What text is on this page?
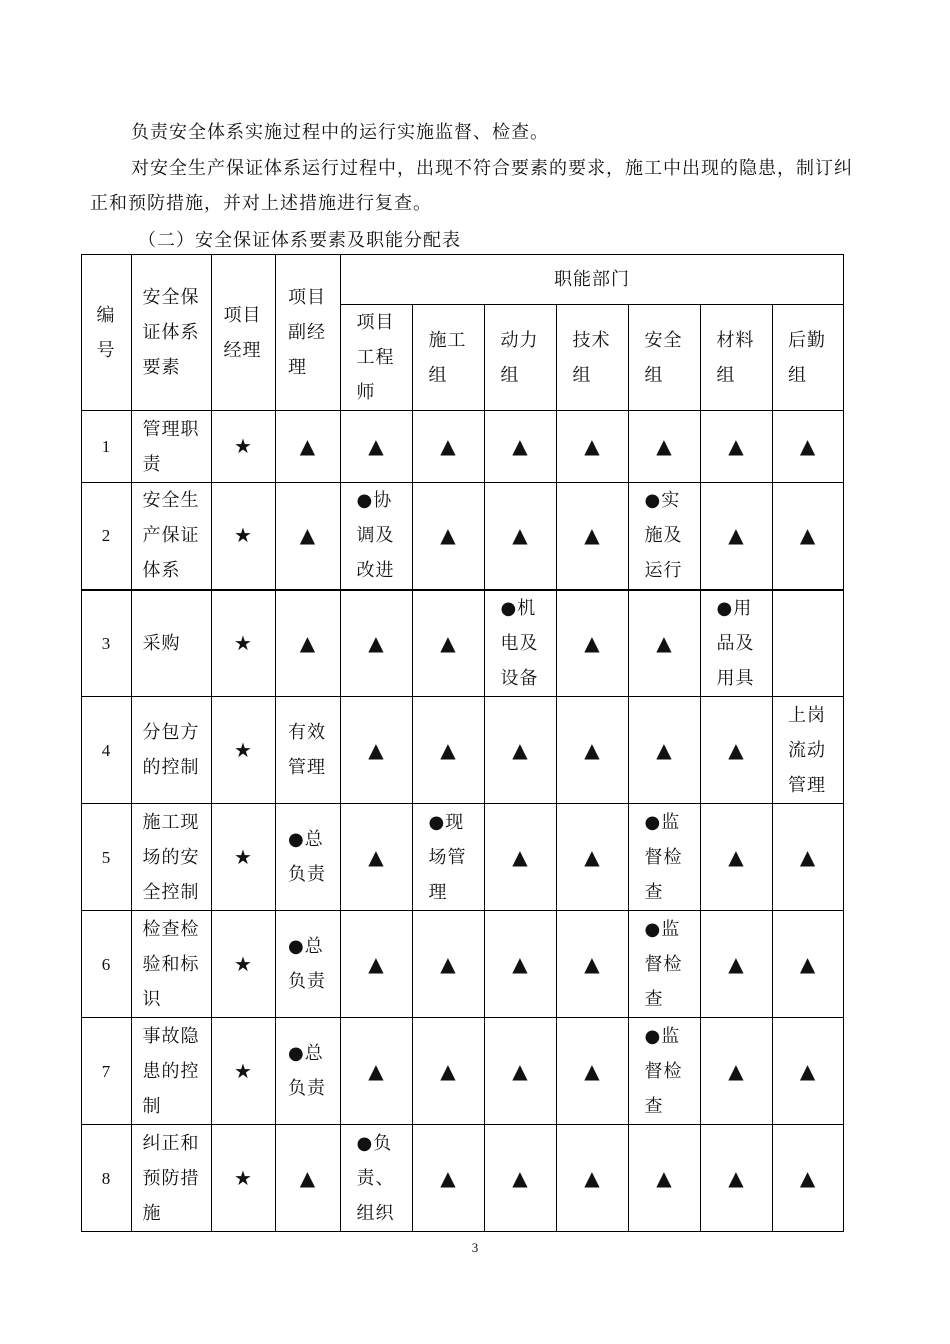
负责安全体系实施过程中的运行实施监督、检查。
对安全生产保证体系运行过程中，出现不符合要素的要求，施工中出现的隐患，制订纠
正和预防措施，并对上述措施进行复查。
（二）安全保证体系要素及职能分配表
编号	安全保证体系要素	项目经理	项目副经理	职能部门						

				项目工程师	施工组	动力组	技术组	安全组	材料组	后勤组

1	管理职责	★	▲	▲	▲	▲	▲	▲	▲	▲
2	安全生产保证体系	★	▲	●协调及改进	▲	▲	▲	●实施及运行	▲	▲
3	采购	★	▲	▲	▲	●机电及设备	▲	▲	●用品及用具	

4	分包方的控制	★	有效管理	▲	▲	▲	▲	▲	▲	上岗流动管理

5	施工现场的安全控制	★	●总负责	▲	●现场管理	▲	▲	●监督检查	▲	▲
6	检查检验和标识	★	●总负责	▲	▲	▲	▲	●监督检查	▲	▲
7	事故隐患的控制	★	●总负责	▲	▲	▲	▲	●监督检查	▲	▲
8	纠正和预防措施	★	▲	●负责、组织	▲	▲	▲	▲	▲	▲
3
